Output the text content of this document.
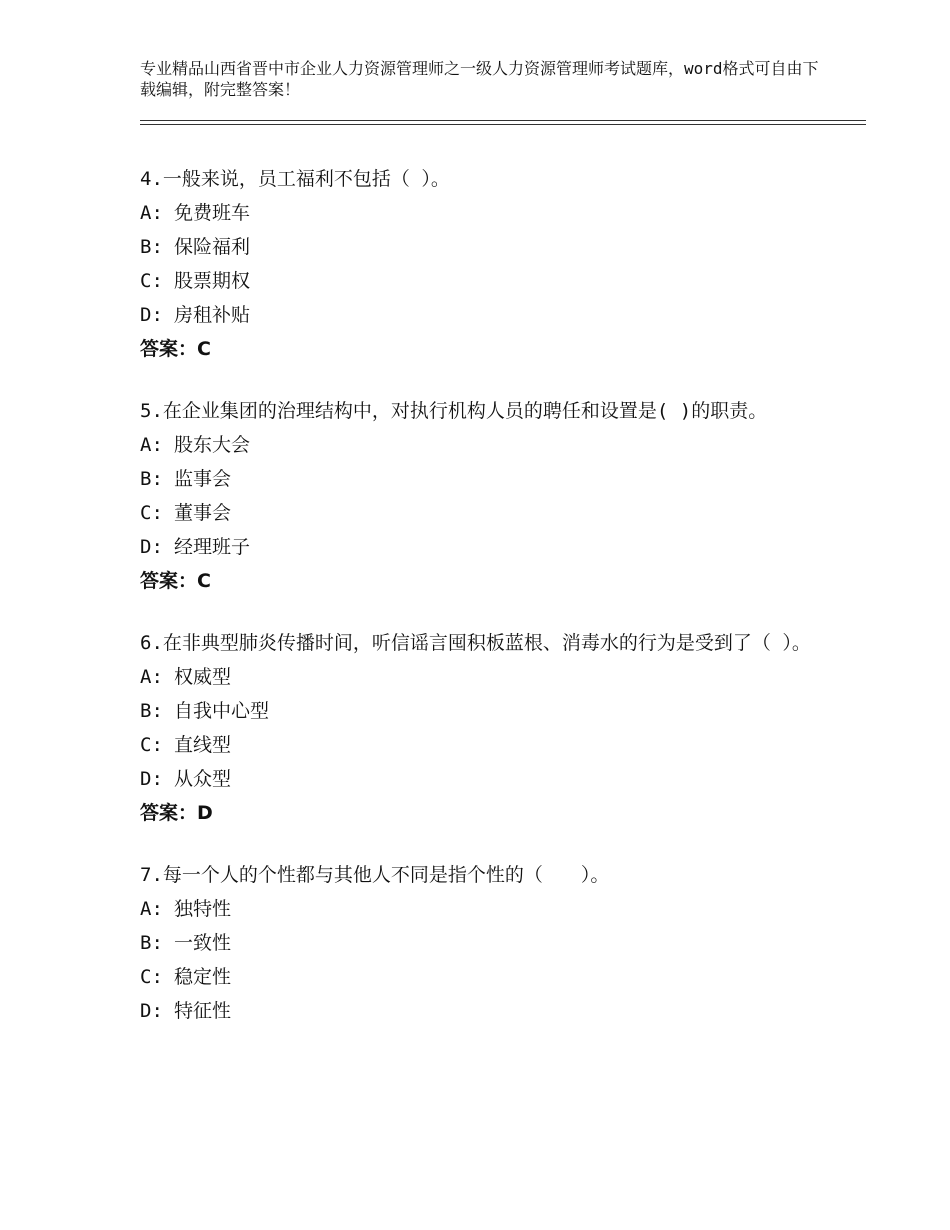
专业精品山西省晋中市企业人力资源管理师之一级人力资源管理师考试题库，word格式可自由下载编辑，附完整答案！
4.一般来说，员工福利不包括（ ）。
A: 免费班车
B: 保险福利
C: 股票期权
D: 房租补贴
答案：C
5.在企业集团的治理结构中，对执行机构人员的聘任和设置是( )的职责。
A: 股东大会
B: 监事会
C: 董事会
D: 经理班子
答案：C
6.在非典型肺炎传播时间，听信谣言囤积板蓝根、消毒水的行为是受到了（ ）。
A: 权威型
B: 自我中心型
C: 直线型
D: 从众型
答案：D
7.每一个人的个性都与其他人不同是指个性的（　　）。
A: 独特性
B: 一致性
C: 稳定性
D: 特征性
